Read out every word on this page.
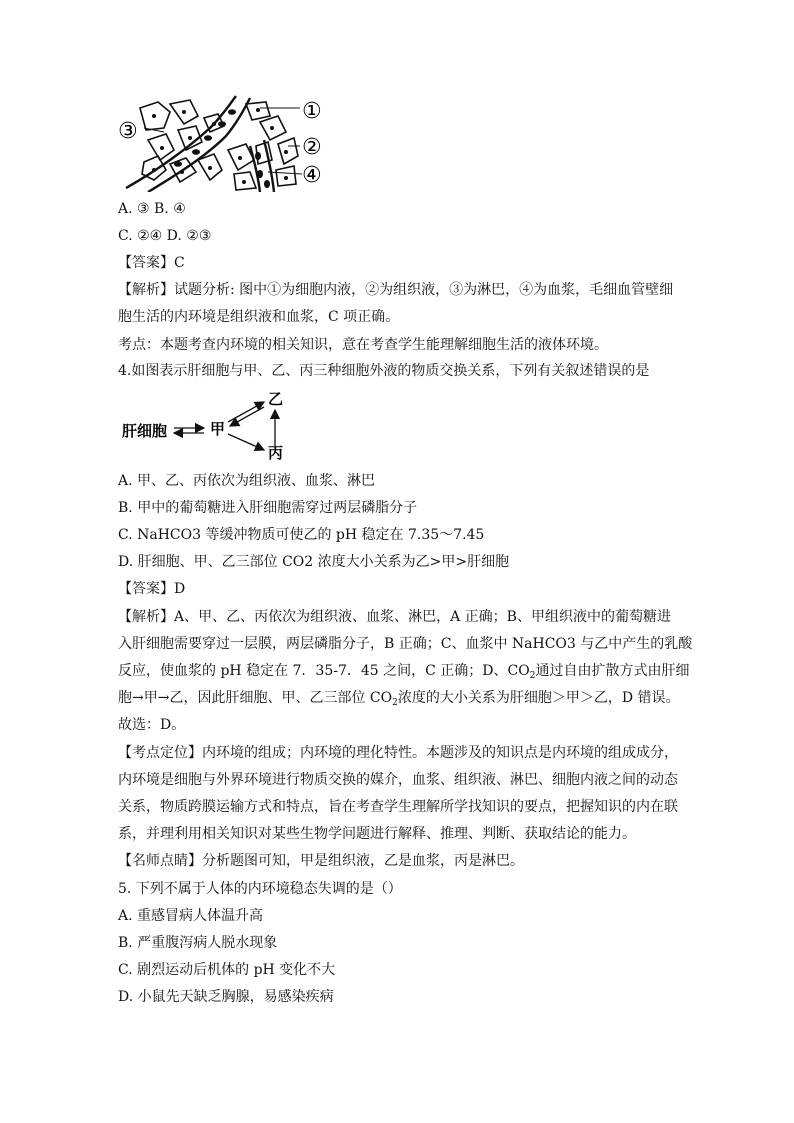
①
②
③
④
A. ③ B. ④
C. ②④ D. ②③
【答案】C
【解析】试题分析: 图中①为细胞内液，②为组织液，③为淋巴，④为血浆，毛细血管壁细
胞生活的内环境是组织液和血浆，C 项正确。
考点：本题考查内环境的相关知识，意在考查学生能理解细胞生活的液体环境。
4.如图表示肝细胞与甲、乙、丙三种细胞外液的物质交换关系，下列有关叙述错误的是
肝细胞	甲
乙
丙
A. 甲、乙、丙依次为组织液、血浆、淋巴
B. 甲中的葡萄糖进入肝细胞需穿过两层磷脂分子
C. NaHCO3 等缓冲物质可使乙的 pH 稳定在 7.35～7.45
D. 肝细胞、甲、乙三部位 CO2 浓度大小关系为乙>甲>肝细胞
【答案】D
【解析】A、甲、乙、丙依次为组织液、血浆、淋巴，A 正确；B、甲组织液中的葡萄糖进
入肝细胞需要穿过一层膜，两层磷脂分子，B 正确；C、血浆中 NaHCO3 与乙中产生的乳酸
反应，使血浆的 pH 稳定在 7．35-7．45 之间，C 正确；D、$CO_2$通过自由扩散方式由肝细
胞→甲→乙，因此肝细胞、甲、乙三部位 $CO_2$浓度的大小关系为肝细胞＞甲＞乙，D 错误。
故选：D。
【考点定位】内环境的组成；内环境的理化特性。本题涉及的知识点是内环境的组成成分，
内环境是细胞与外界环境进行物质交换的媒介，血浆、组织液、淋巴、细胞内液之间的动态
关系，物质跨膜运输方式和特点，旨在考查学生理解所学找知识的要点，把握知识的内在联
系，并理利用相关知识对某些生物学问题进行解释、推理、判断、获取结论的能力。
【名师点睛】分析题图可知，甲是组织液，乙是血浆，丙是淋巴。
5. 下列不属于人体的内环境稳态失调的是（）
A. 重感冒病人体温升高
B. 严重腹泻病人脱水现象
C. 剧烈运动后机体的 pH 变化不大
D. 小鼠先天缺乏胸腺，易感染疾病
